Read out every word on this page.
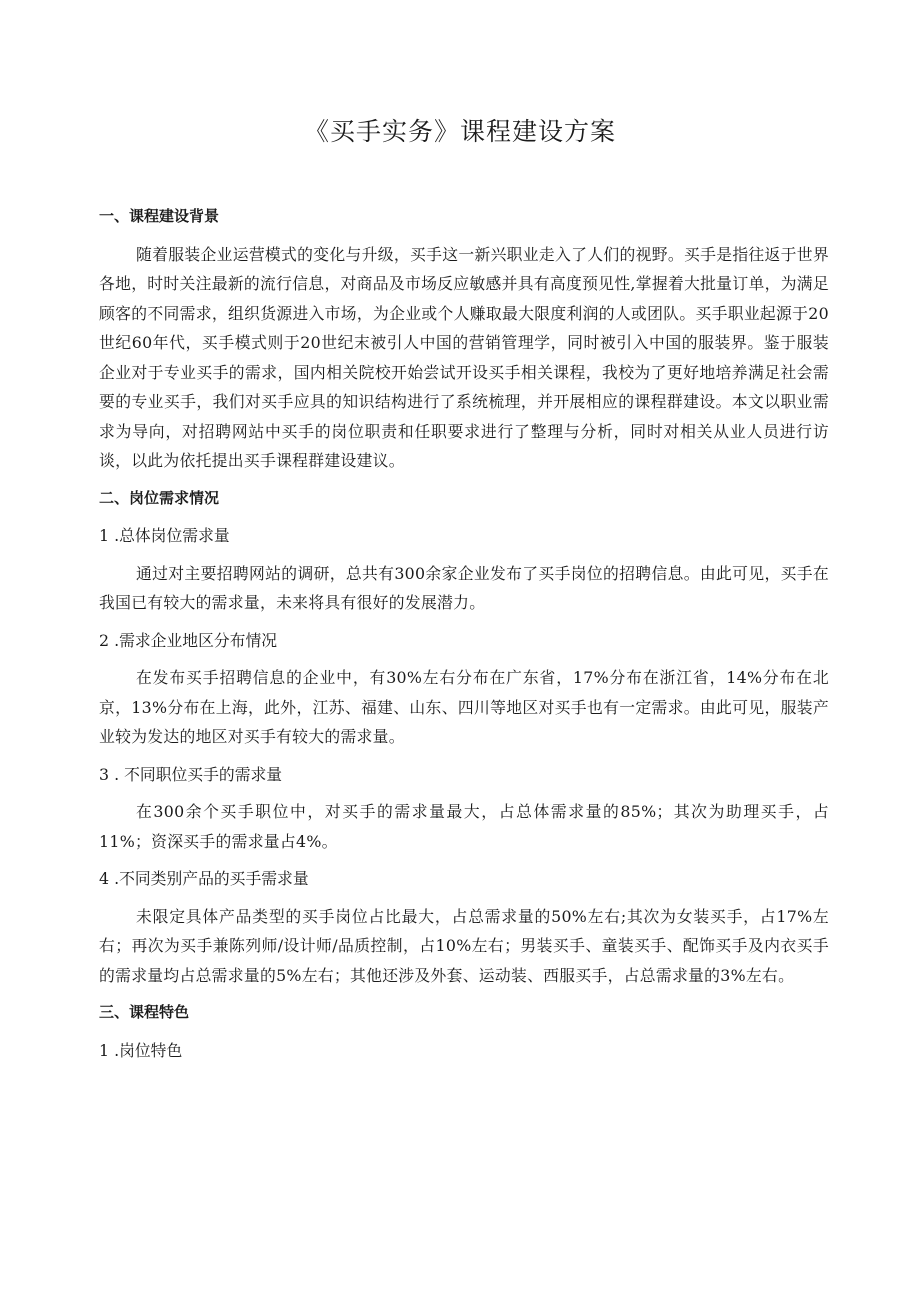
《买手实务》课程建设方案

一、课程建设背景

随着服装企业运营模式的变化与升级，买手这一新兴职业走入了人们的视野。买手是指往返于世界各地，时时关注最新的流行信息，对商品及市场反应敏感并具有高度预见性,掌握着大批量订单，为满足顾客的不同需求，组织货源进入市场，为企业或个人赚取最大限度利润的人或团队。买手职业起源于20世纪60年代，买手模式则于20世纪末被引人中国的营销管理学，同时被引入中国的服装界。鉴于服装企业对于专业买手的需求，国内相关院校开始尝试开设买手相关课程，我校为了更好地培养满足社会需要的专业买手，我们对买手应具的知识结构进行了系统梳理，并开展相应的课程群建设。本文以职业需求为导向，对招聘网站中买手的岗位职责和任职要求进行了整理与分析，同时对相关从业人员进行访谈，以此为依托提出买手课程群建设建议。

二、岗位需求情况

1 .总体岗位需求量

通过对主要招聘网站的调研，总共有300余家企业发布了买手岗位的招聘信息。由此可见，买手在我国已有较大的需求量，未来将具有很好的发展潜力。

2 .需求企业地区分布情况

在发布买手招聘信息的企业中，有30%左右分布在广东省，17%分布在浙江省，14%分布在北京，13%分布在上海，此外，江苏、福建、山东、四川等地区对买手也有一定需求。由此可见，服装产业较为发达的地区对买手有较大的需求量。

3 . 不同职位买手的需求量

在300余个买手职位中，对买手的需求量最大，占总体需求量的85%；其次为助理买手，占11%；资深买手的需求量占4%。

4 .不同类别产品的买手需求量

未限定具体产品类型的买手岗位占比最大，占总需求量的50%左右;其次为女装买手，占17%左右；再次为买手兼陈列师/设计师/品质控制，占10%左右；男装买手、童装买手、配饰买手及内衣买手的需求量均占总需求量的5%左右；其他还涉及外套、运动装、西服买手，占总需求量的3%左右。

三、课程特色

1 .岗位特色
